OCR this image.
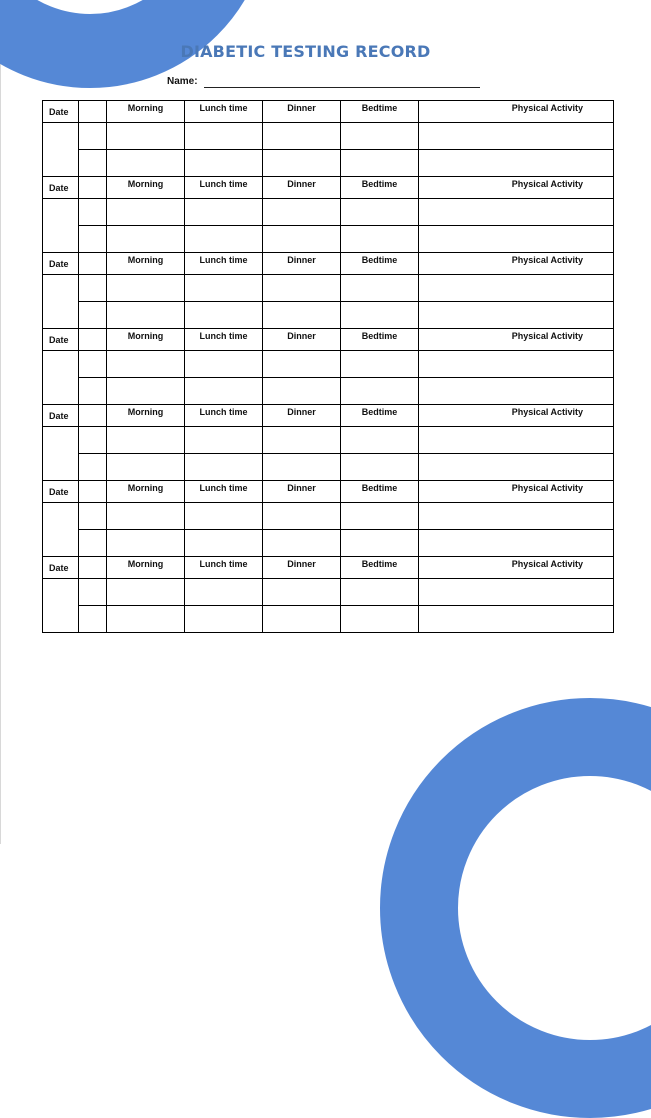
DIABETIC TESTING RECORD
Name:
Date		Morning	Lunch time	Dinner	Bedtime	Physical Activity

Date		Morning	Lunch time	Dinner	Bedtime	Physical Activity

Date		Morning	Lunch time	Dinner	Bedtime	Physical Activity

Date		Morning	Lunch time	Dinner	Bedtime	Physical Activity

Date		Morning	Lunch time	Dinner	Bedtime	Physical Activity

Date		Morning	Lunch time	Dinner	Bedtime	Physical Activity

Date		Morning	Lunch time	Dinner	Bedtime	Physical Activity
